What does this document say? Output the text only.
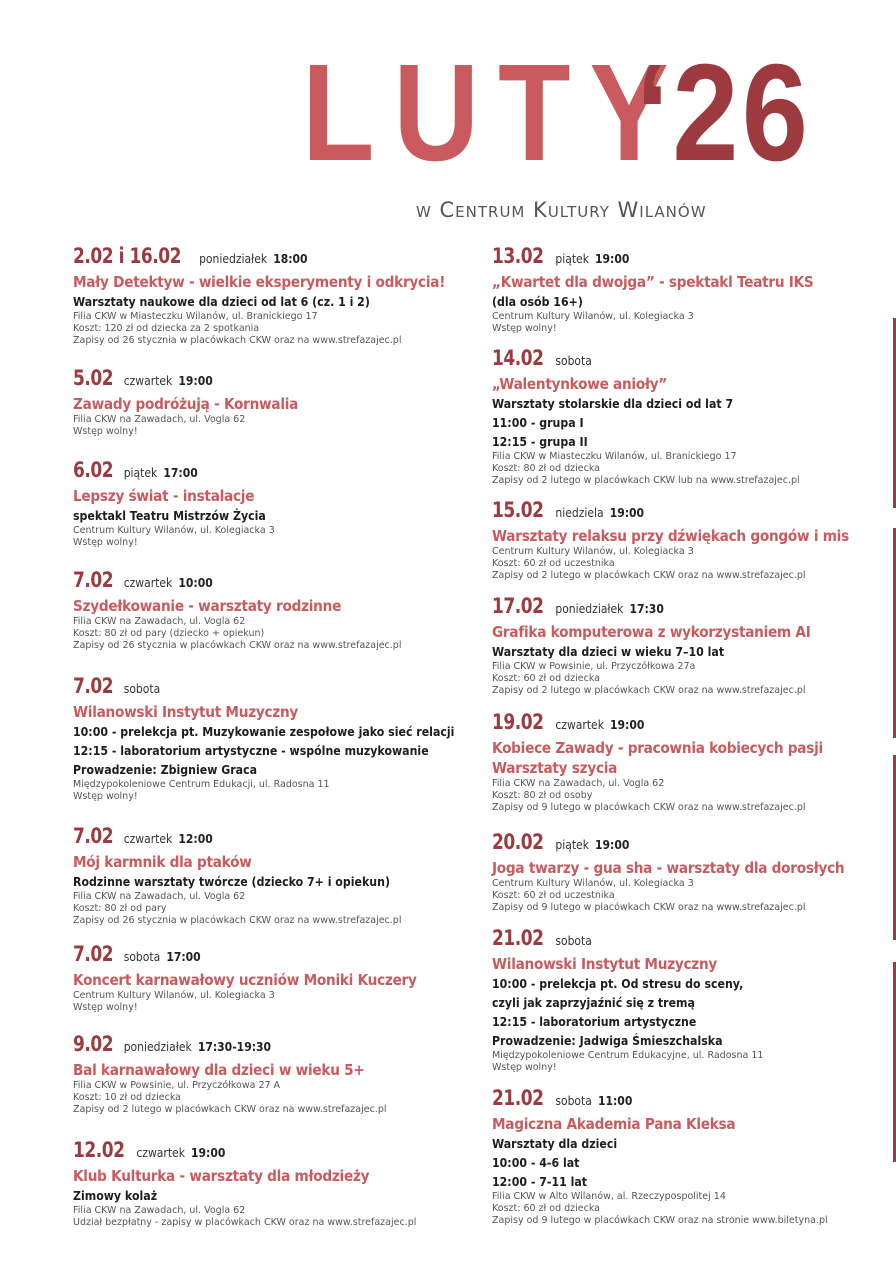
LUTY
‘26
w Centrum Kultury Wilanów
2.02 i 16.02 poniedziałek 18:00
Mały Detektyw - wielkie eksperymenty i odkrycia!
Warsztaty naukowe dla dzieci od lat 6 (cz. 1 i 2)
Filia CKW w Miasteczku Wilanów, ul. Branickiego 17
Koszt: 120 zł od dziecka za 2 spotkania
Zapisy od 26 stycznia w placówkach CKW oraz na www.strefazajec.pl
5.02 czwartek 19:00
Zawady podróżują - Kornwalia
Filia CKW na Zawadach, ul. Vogla 62
Wstęp wolny!
6.02 piątek 17:00
Lepszy świat - instalacje
spektakl Teatru Mistrzów Życia
Centrum Kultury Wilanów, ul. Kolegiacka 3
Wstęp wolny!
7.02 czwartek 10:00
Szydełkowanie - warsztaty rodzinne
Filia CKW na Zawadach, ul. Vogla 62
Koszt: 80 zł od pary (dziecko + opiekun)
Zapisy od 26 stycznia w placówkach CKW oraz na www.strefazajec.pl
7.02 sobota
Wilanowski Instytut Muzyczny
10:00 - prelekcja pt. Muzykowanie zespołowe jako sieć relacji
12:15 - laboratorium artystyczne - wspólne muzykowanie
Prowadzenie: Zbigniew Graca
Międzypokoleniowe Centrum Edukacji, ul. Radosna 11
Wstęp wolny!
7.02 czwartek 12:00
Mój karmnik dla ptaków
Rodzinne warsztaty twórcze (dziecko 7+ i opiekun)
Filia CKW na Zawadach, ul. Vogla 62
Koszt: 80 zł od pary
Zapisy od 26 stycznia w placówkach CKW oraz na www.strefazajec.pl
7.02 sobota 17:00
Koncert karnawałowy uczniów Moniki Kuczery
Centrum Kultury Wilanów, ul. Kolegiacka 3
Wstęp wolny!
9.02 poniedziałek 17:30-19:30
Bal karnawałowy dla dzieci w wieku 5+
Filia CKW w Powsinie, ul. Przyczółkowa 27 A
Koszt: 10 zł od dziecka
Zapisy od 2 lutego w placówkach CKW oraz na www.strefazajec.pl
12.02 czwartek 19:00
Klub Kulturka - warsztaty dla młodzieży
Zimowy kolaż
Filia CKW na Zawadach, ul. Vogla 62
Udział bezpłatny - zapisy w placówkach CKW oraz na www.strefazajec.pl
13.02 piątek 19:00
„Kwartet dla dwojga” - spektakl Teatru IKS
(dla osób 16+)
Centrum Kultury Wilanów, ul. Kolegiacka 3
Wstęp wolny!
14.02 sobota
„Walentynkowe anioły”
Warsztaty stolarskie dla dzieci od lat 7
11:00 - grupa I
12:15 - grupa II
Filia CKW w Miasteczku Wilanów, ul. Branickiego 17
Koszt: 80 zł od dziecka
Zapisy od 2 lutego w placówkach CKW lub na www.strefazajec.pl
15.02 niedziela 19:00
Warsztaty relaksu przy dźwiękach gongów i mis
Centrum Kultury Wilanów, ul. Kolegiacka 3
Koszt: 60 zł od uczestnika
Zapisy od 2 lutego w placówkach CKW oraz na www.strefazajec.pl
17.02 poniedziałek 17:30
Grafika komputerowa z wykorzystaniem AI
Warsztaty dla dzieci w wieku 7–10 lat
Filia CKW w Powsinie, ul. Przyczółkowa 27a
Koszt: 60 zł od dziecka
Zapisy od 2 lutego w placówkach CKW oraz na www.strefazajec.pl
19.02 czwartek 19:00
Kobiece Zawady - pracownia kobiecych pasji
Warsztaty szycia
Filia CKW na Zawadach, ul. Vogla 62
Koszt: 80 zł od osoby
Zapisy od 9 lutego w placówkach CKW oraz na www.strefazajec.pl
20.02 piątek 19:00
Joga twarzy - gua sha - warsztaty dla dorosłych
Centrum Kultury Wilanów, ul. Kolegiacka 3
Koszt: 60 zł od uczestnika
Zapisy od 9 lutego w placówkach CKW oraz na www.strefazajec.pl
21.02 sobota
Wilanowski Instytut Muzyczny
10:00 - prelekcja pt. Od stresu do sceny,
czyli jak zaprzyjaźnić się z tremą
12:15 - laboratorium artystyczne
Prowadzenie: Jadwiga Śmieszchalska
Międzypokoleniowe Centrum Edukacyjne, ul. Radosna 11
Wstęp wolny!
21.02 sobota 11:00
Magiczna Akademia Pana Kleksa
Warsztaty dla dzieci
10:00 - 4-6 lat
12:00 - 7-11 lat
Filia CKW w Alto Wilanów, al. Rzeczypospolitej 14
Koszt: 60 zł od dziecka
Zapisy od 9 lutego w placówkach CKW oraz na stronie www.biletyna.pl
